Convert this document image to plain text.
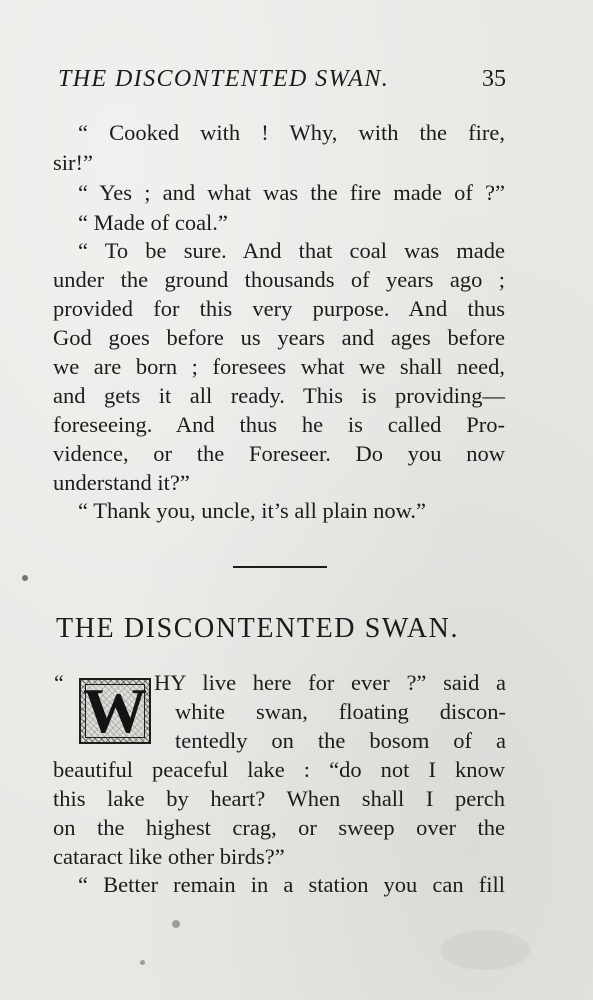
THE DISCONTENTED SWAN.	35
“ Cooked with ! Why, with the fire,
sir!”
“ Yes ; and what was the fire made of ?”
“ Made of coal.”
“ To be sure. And that coal was made
under the ground thousands of years ago ;
provided for this very purpose. And thus
God goes before us years and ages before
we are born ; foresees what we shall need,
and gets it all ready. This is providing—
foreseeing. And thus he is called Pro-
vidence, or the Foreseer. Do you now
understand it?”
“ Thank you, uncle, it’s all plain now.”
THE DISCONTENTED SWAN.
“ W HY live here for ever ?” said a
white swan, floating discon-
tentedly on the bosom of a
beautiful peaceful lake : “do not I know
this lake by heart? When shall I perch
on the highest crag, or sweep over the
cataract like other birds?”
“ Better remain in a station you can fill
